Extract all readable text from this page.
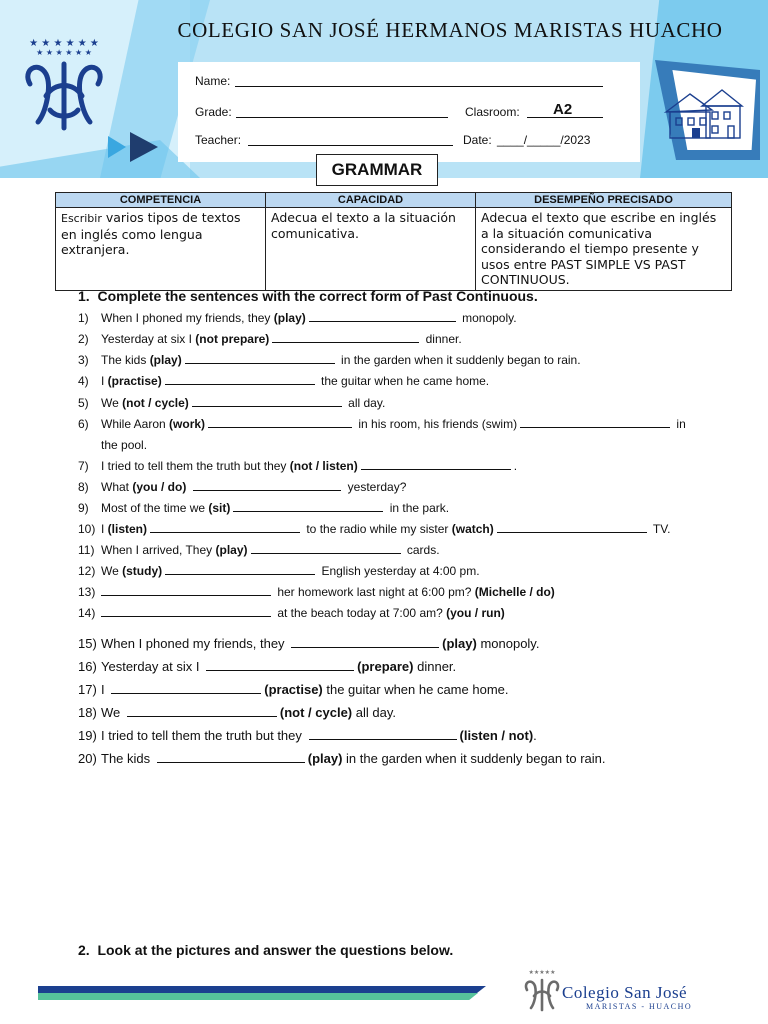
COLEGIO SAN JOSÉ HERMANOS MARISTAS HUACHO
★ ★ ★ ★ ★ ★
★ ★ ★ ★ ★ ★
Name:
Grade:	Clasroom: A2
Teacher:	Date: ____/_____/2023
GRAMMAR
COMPETENCIA	CAPACIDAD	DESEMPEÑO PRECISADO
Escribir varios tipos de textos en inglés como lengua extranjera.	Adecua el texto a la situación comunicativa.	Adecua el texto que escribe en inglés a la situación comunicativa considerando el tiempo presente y usos entre PAST SIMPLE VS PAST CONTINUOUS.
1.  Complete the sentences with the correct form of Past Continuous.
1) When I phoned my friends, they (play)	monopoly.
2) Yesterday at six I (not prepare)	dinner.
3) The kids (play)	in the garden when it suddenly began to rain.
4) I (practise)	the guitar when he came home.
5) We (not / cycle)	all day.
6) While Aaron (work)	in his room, his friends (swim)	in
the pool.
7) I tried to tell them the truth but they (not / listen)	.
8) What (you / do)	yesterday?
9) Most of the time we (sit)	in the park.
10) I (listen)	to the radio while my sister (watch)	TV.
11) When I arrived, They (play)	cards.
12) We (study)	English yesterday at 4:00 pm.
13)	her homework last night at 6:00 pm? (Michelle / do)
14)	at the beach today at 7:00 am? (you / run)
15) When I phoned my friends, they	(play) monopoly.
16) Yesterday at six I	(prepare) dinner.
17) I	(practise) the guitar when he came home.
18) We	(not / cycle) all day.
19) I tried to tell them the truth but they	(listen / not).
20) The kids	(play) in the garden when it suddenly began to rain.
2.  Look at the pictures and answer the questions below.
★★★★★
Colegio San José
MARISTAS - HUACHO
